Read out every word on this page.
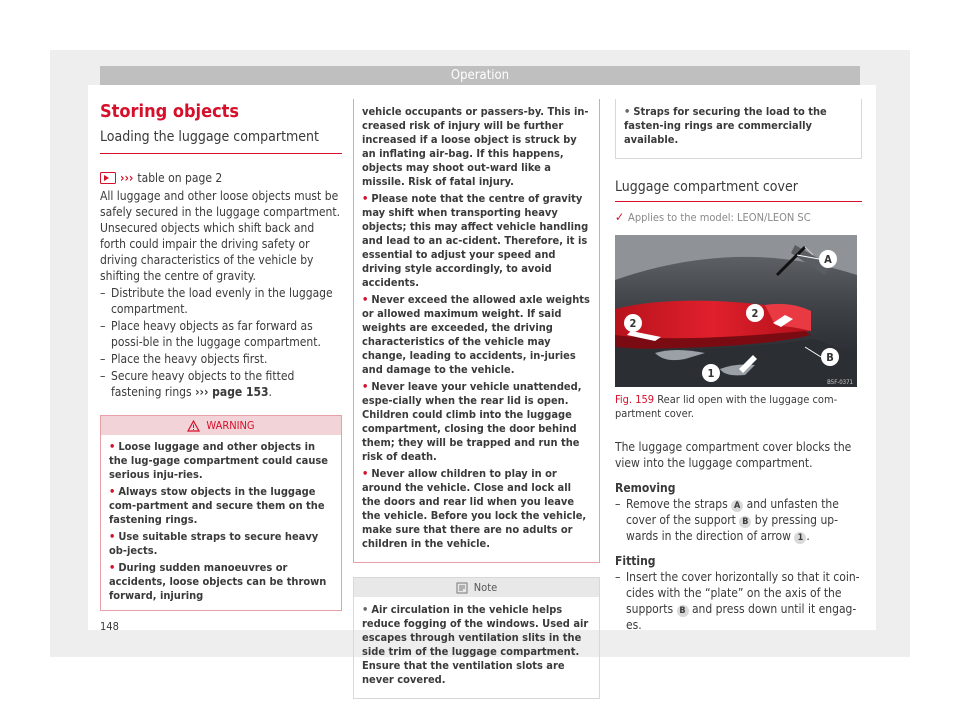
Operation
Storing objects
Loading the luggage compartment
››› table on page 2
All luggage and other loose objects must be safely secured in the luggage compartment. Unsecured objects which shift back and forth could impair the driving safety or driving characteristics of the vehicle by shifting the centre of gravity.
– Distribute the load evenly in the luggage compartment.
– Place heavy objects as far forward as possi-ble in the luggage compartment.
– Place the heavy objects first.
– Secure heavy objects to the fitted fastening rings ››› page 153.
WARNING
• Loose luggage and other objects in the lug-gage compartment could cause serious inju-ries.
• Always stow objects in the luggage com-partment and secure them on the fastening rings.
• Use suitable straps to secure heavy ob-jects.
• During sudden manoeuvres or accidents, loose objects can be thrown forward, injuring
vehicle occupants or passers-by. This in-creased risk of injury will be further increased if a loose object is struck by an inflating air-bag. If this happens, objects may shoot out-ward like a missile. Risk of fatal injury.
• Please note that the centre of gravity may shift when transporting heavy objects; this may affect vehicle handling and lead to an ac-cident. Therefore, it is essential to adjust your speed and driving style accordingly, to avoid accidents.
• Never exceed the allowed axle weights or allowed maximum weight. If said weights are exceeded, the driving characteristics of the vehicle may change, leading to accidents, in-juries and damage to the vehicle.
• Never leave your vehicle unattended, espe-cially when the rear lid is open. Children could climb into the luggage compartment, closing the door behind them; they will be trapped and run the risk of death.
• Never allow children to play in or around the vehicle. Close and lock all the doors and rear lid when you leave the vehicle. Before you lock the vehicle, make sure that there are no adults or children in the vehicle.
Note
• Air circulation in the vehicle helps reduce fogging of the windows. Used air escapes through ventilation slits in the side trim of the luggage compartment. Ensure that the ventilation slots are never covered.
• Straps for securing the load to the fasten-ing rings are commercially available.
Luggage compartment cover
✓ Applies to the model: LEON/LEON SC
A
2
2
B
1
B5F-0371
Fig. 159 Rear lid open with the luggage com-partment cover.
The luggage compartment cover blocks the view into the luggage compartment.
Removing
– Remove the straps A and unfasten the cover of the support B by pressing up-wards in the direction of arrow 1 .
Fitting
– Insert the cover horizontally so that it coin-cides with the “plate” on the axis of the supports B and press down until it engag-es.
148
